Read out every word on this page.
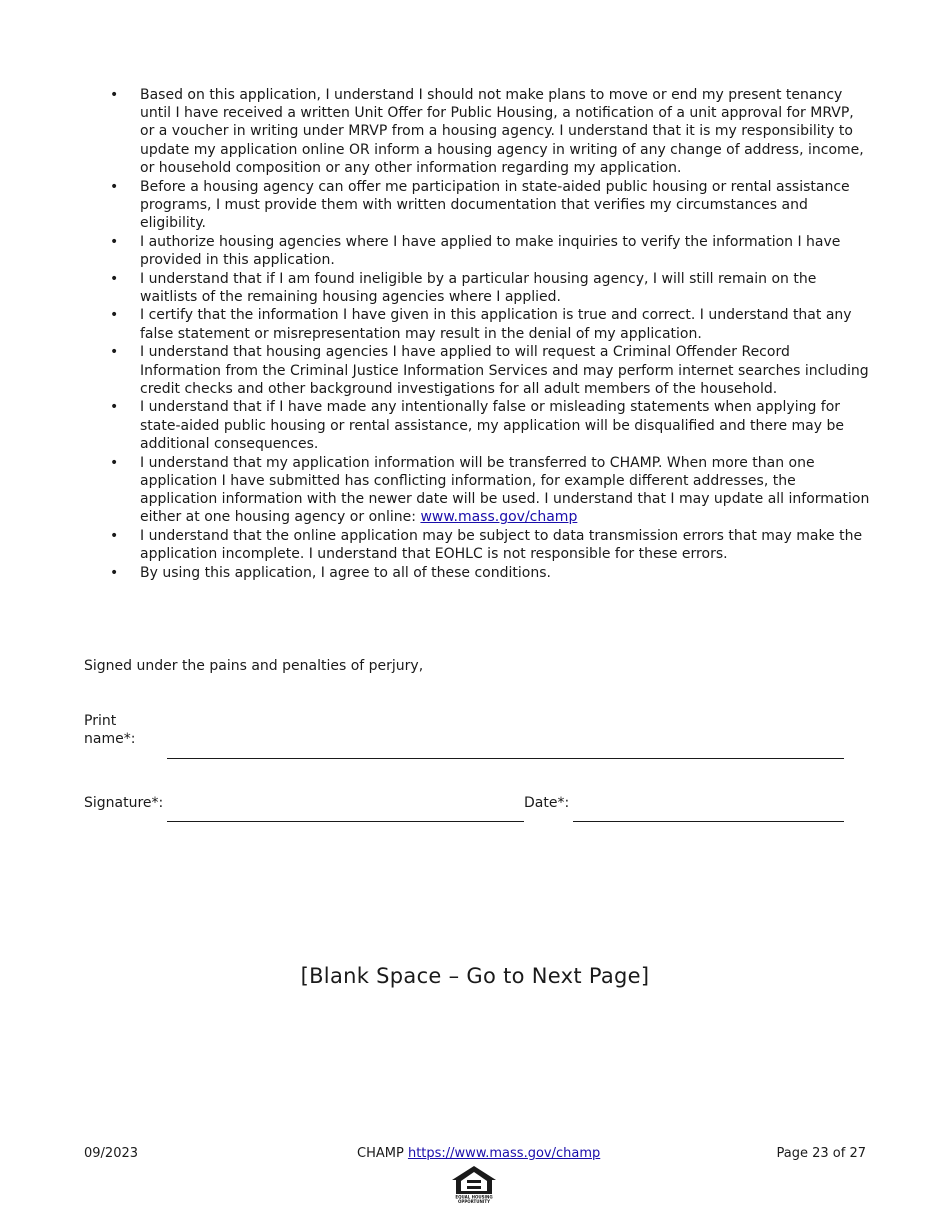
• Based on this application, I understand I should not make plans to move or end my present tenancy until I have received a written Unit Offer for Public Housing, a notification of a unit approval for MRVP, or a voucher in writing under MRVP from a housing agency. I understand that it is my responsibility to update my application online OR inform a housing agency in writing of any change of address, income, or household composition or any other information regarding my application.
• Before a housing agency can offer me participation in state-aided public housing or rental assistance programs, I must provide them with written documentation that verifies my circumstances and eligibility.
• I authorize housing agencies where I have applied to make inquiries to verify the information I have provided in this application.
• I understand that if I am found ineligible by a particular housing agency, I will still remain on the waitlists of the remaining housing agencies where I applied.
• I certify that the information I have given in this application is true and correct. I understand that any false statement or misrepresentation may result in the denial of my application.
• I understand that housing agencies I have applied to will request a Criminal Offender Record Information from the Criminal Justice Information Services and may perform internet searches including credit checks and other background investigations for all adult members of the household.
• I understand that if I have made any intentionally false or misleading statements when applying for state-aided public housing or rental assistance, my application will be disqualified and there may be additional consequences.
• I understand that my application information will be transferred to CHAMP. When more than one application I have submitted has conflicting information, for example different addresses, the application information with the newer date will be used. I understand that I may update all information either at one housing agency or online: www.mass.gov/champ
• I understand that the online application may be subject to data transmission errors that may make the application incomplete. I understand that EOHLC is not responsible for these errors.
• By using this application, I agree to all of these conditions.
Signed under the pains and penalties of perjury,
Print
name*:
Signature*:	Date*:
[Blank Space – Go to Next Page]
09/2023	CHAMP https://www.mass.gov/champ	Page 23 of 27
EQUAL HOUSING
OPPORTUNITY
